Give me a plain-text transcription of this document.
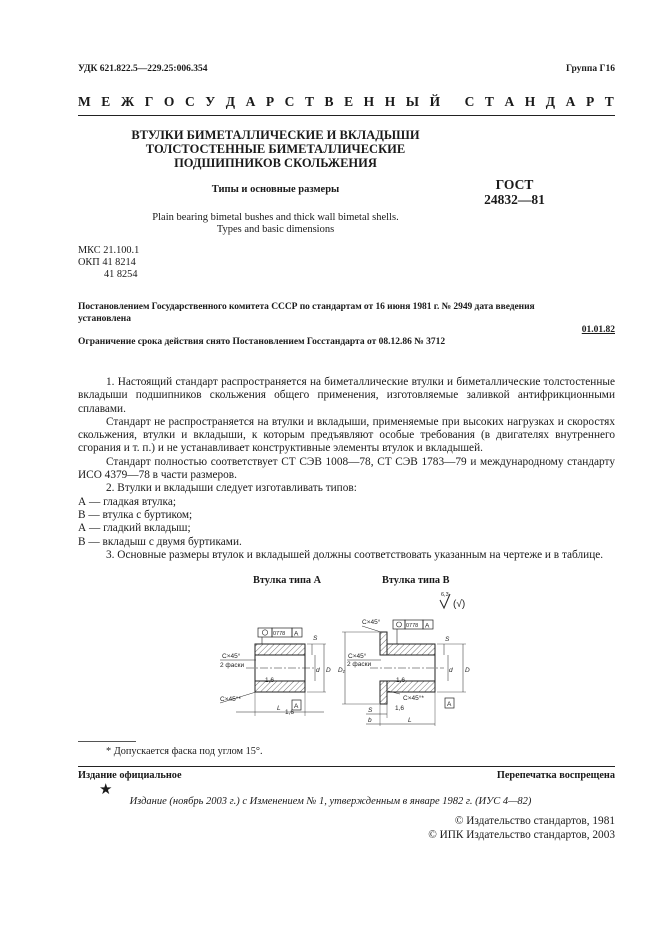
УДК 621.822.5—229.25:006.354	Группа Г16

М Е Ж Г О С У Д А Р С Т В Е Н Н Ы Й
С Т А Н Д А Р Т
ВТУЛКИ БИМЕТАЛЛИЧЕСКИЕ И ВКЛАДЫШИ
ТОЛСТОСТЕННЫЕ БИМЕТАЛЛИЧЕСКИЕ
ПОДШИПНИКОВ СКОЛЬЖЕНИЯ

Типы и основные размеры

Plain bearing bimetal bushes and thick wall bimetal shells.

Types and basic dimensions

ГОСТ

24832—81

МКС 21.100.1

ОКП 41 8214

41 8254

Постановлением Государственного комитета СССР по стандартам от 16 июня 1981 г. № 2949 дата введения

установлена

01.01.82

Ограничение срока действия снято Постановлением Госстандарта от 08.12.86 № 3712

1. Настоящий стандарт распространяется на биметаллические втулки и биметаллические толстостенные вкладыши подшипников скольжения общего применения, изготовляемые заливкой антифрикционными сплавами.

Стандарт не распространяется на втулки и вкладыши, применяемые при высоких нагрузках и скоростях скольжения, втулки и вкладыши, к которым предъявляют особые требования (в двигателях внутреннего сгорания и т. п.) и не устанавливает конструктивные элементы втулок и вкладышей.

Стандарт полностью соответствует СТ СЭВ 1008—78, СТ СЭВ 1783—79 и международному стандарту ИСО 4379—78 в части размеров.

2. Втулки и вкладыши следует изготавливать типов:

А — гладкая втулка;

В — втулка с буртиком;

А — гладкий вкладыш;

В — вкладыш с двумя буртиками.

3. Основные размеры втулок и вкладышей должны соответствовать указанным на чертеже и в таблице.

Втулка типа А	Втулка типа В

6,3
(√)
0778 А
C×45°
2 фаски
C×45°*
1,6
1,6
S
d D
L А
0778 А
C×45°
C×45°
2 фаски
C×45°*
1,6
1,6
D₁
S
d D
S
b	L
А

* Допускается фаска под углом 15°.

Издание официальное	Перепечатка воспрещена

★

Издание (ноябрь 2003 г.) с Изменением № 1, утвержденным в январе 1982 г. (ИУС 4—82)

© Издательство стандартов, 1981

© ИПК Издательство стандартов, 2003
